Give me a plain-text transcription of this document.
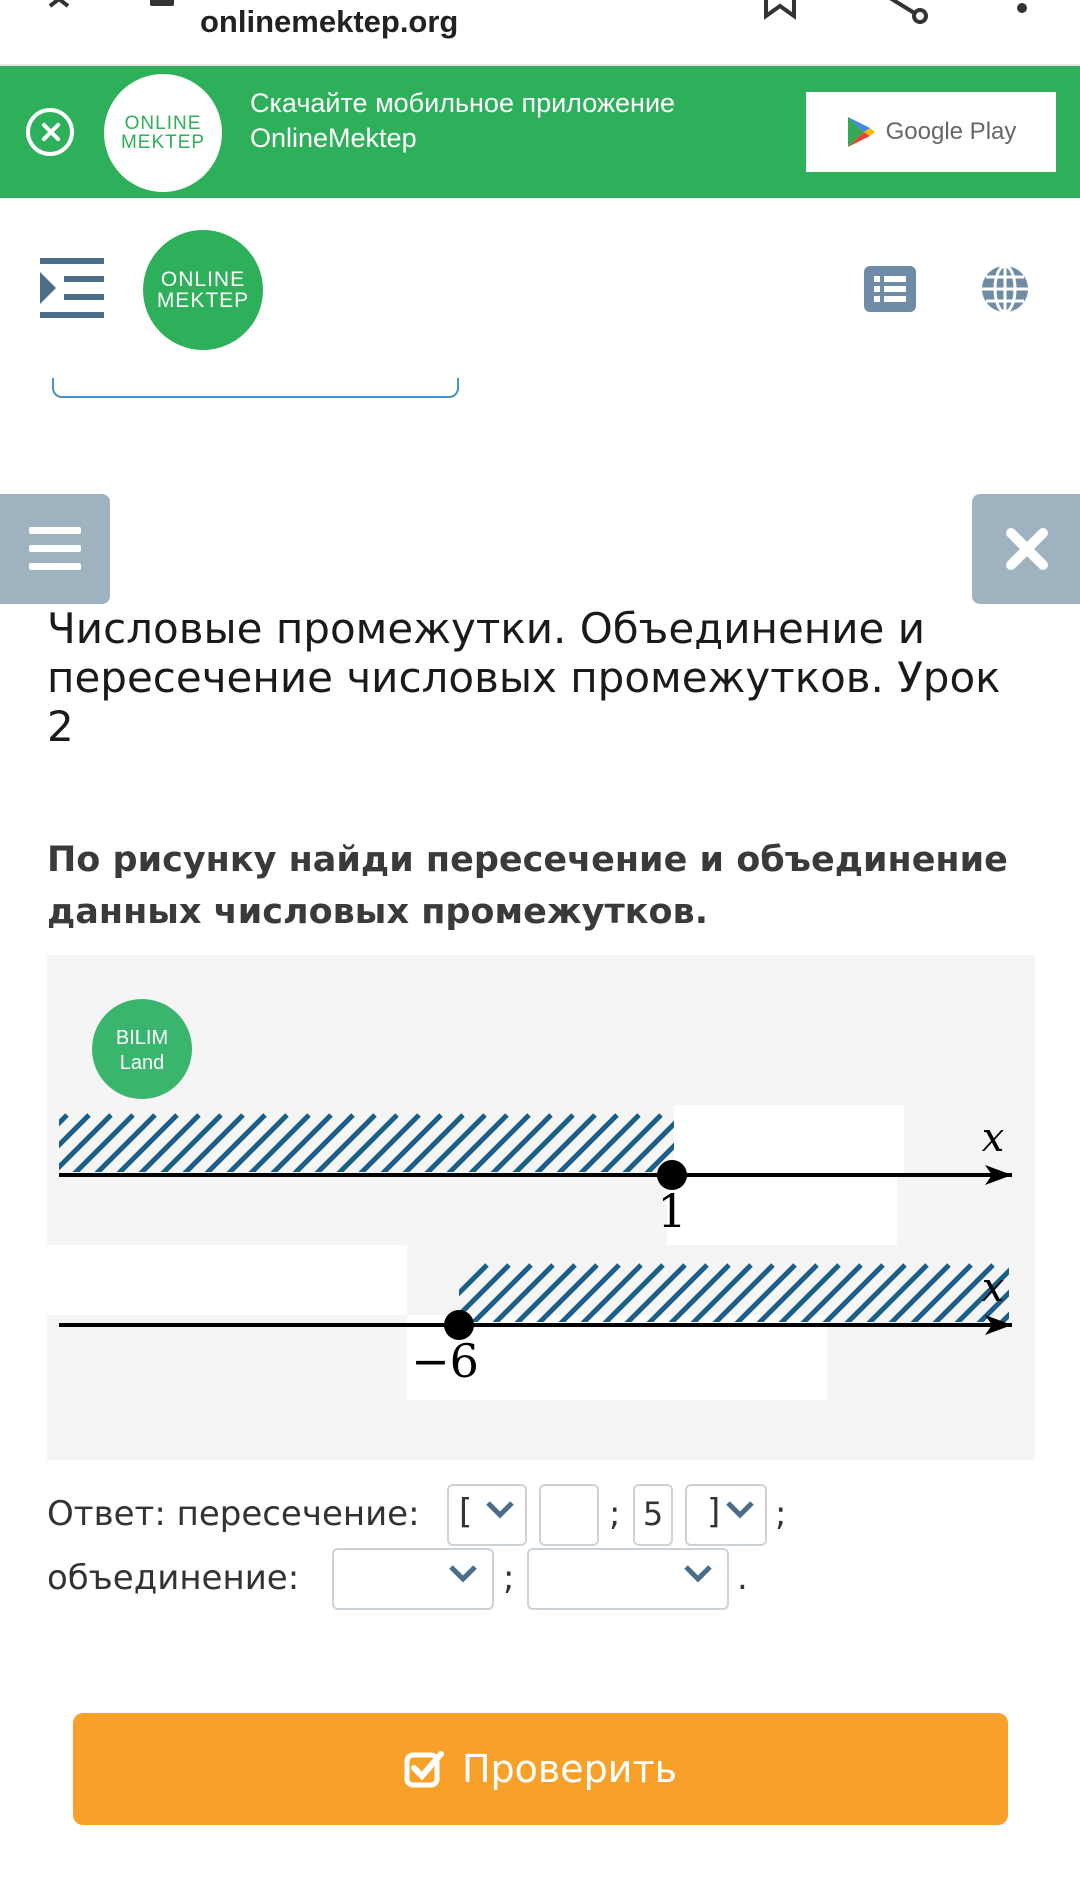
onlinemektep.org
ONLINE
MEKTEP
Скачайте мобильное приложение
OnlineMektep	Google Play
ONLINE
MEKTEP
Числовые промежутки. Объединение и пересечение числовых промежутков. Урок 2
По рисунку найди пересечение и объединение данных числовых промежутков.
BILIM
Land
1
x
−6
x
Ответ: пересечение: [	; 5 ] ;
объединение:	;	.
Проверить
